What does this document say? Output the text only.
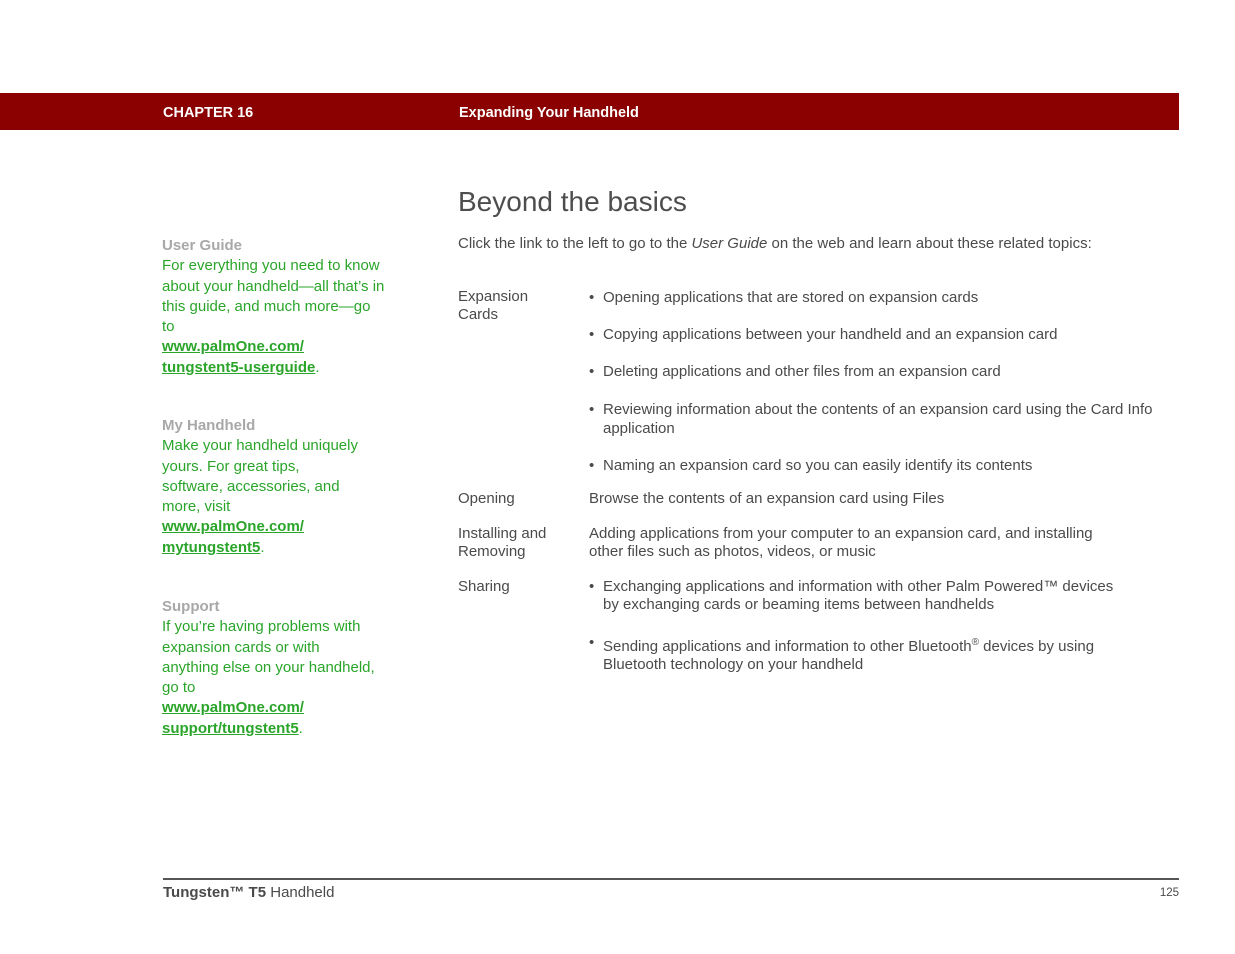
CHAPTER 16	Expanding Your Handheld
Beyond the basics
Click the link to the left to go to the User Guide on the web and learn about these related topics:
User Guide
For everything you need to know about your handheld—all that’s in this guide, and much more—go to
www.palmOne.com/
tungstent5-userguide.
My Handheld
Make your handheld uniquely yours. For great tips, software, accessories, and more, visit
www.palmOne.com/
mytungstent5.
Support
If you’re having problems with expansion cards or with anything else on your handheld, go to
www.palmOne.com/
support/tungstent5.
Expansion Cards
• Opening applications that are stored on expansion cards
• Copying applications between your handheld and an expansion card
• Deleting applications and other files from an expansion card
• Reviewing information about the contents of an expansion card using the Card Info application
• Naming an expansion card so you can easily identify its contents
Opening	Browse the contents of an expansion card using Files
Installing and Removing
Adding applications from your computer to an expansion card, and installing other files such as photos, videos, or music
Sharing
•	Exchanging applications and information with other Palm Powered™ devices by exchanging cards or beaming items between handhelds
• Sending applications and information to other Bluetooth® devices by using Bluetooth technology on your handheld
Tungsten™ T5 Handheld	125
